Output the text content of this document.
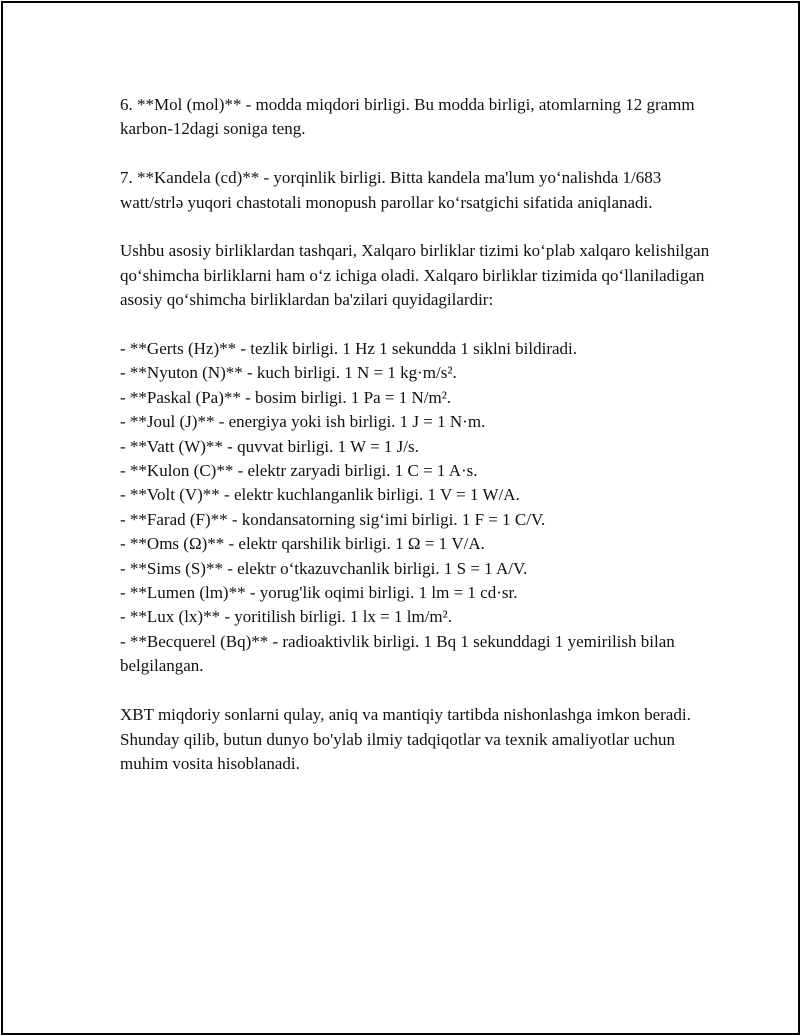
6. **Mol (mol)** - modda miqdori birligi. Bu modda birligi, atomlarning 12 gramm karbon-12dagi soniga teng.

7. **Kandela (cd)** - yorqinlik birligi. Bitta kandela ma'lum yo‘nalishda 1/683 watt/strlə yuqori chastotali monopush parollar ko‘rsatgichi sifatida aniqlanadi.

Ushbu asosiy birliklardan tashqari, Xalqaro birliklar tizimi ko‘plab xalqaro kelishilgan qo‘shimcha birliklarni ham o‘z ichiga oladi. Xalqaro birliklar tizimida qo‘llaniladigan asosiy qo‘shimcha birliklardan ba'zilari quyidagilardir:

- **Gerts (Hz)** - tezlik birligi. 1 Hz 1 sekundda 1 siklni bildiradi.
- **Nyuton (N)** - kuch birligi. 1 N = 1 kg·m/s².
- **Paskal (Pa)** - bosim birligi. 1 Pa = 1 N/m².
- **Joul (J)** - energiya yoki ish birligi. 1 J = 1 N·m.
- **Vatt (W)** - quvvat birligi. 1 W = 1 J/s.
- **Kulon (C)** - elektr zaryadi birligi. 1 C = 1 A·s.
- **Volt (V)** - elektr kuchlanganlik birligi. 1 V = 1 W/A.
- **Farad (F)** - kondansatorning sig‘imi birligi. 1 F = 1 C/V.
- **Oms (Ω)** - elektr qarshilik birligi. 1 Ω = 1 V/A.
- **Sims (S)** - elektr o‘tkazuvchanlik birligi. 1 S = 1 A/V.
- **Lumen (lm)** - yorug'lik oqimi birligi. 1 lm = 1 cd·sr.
- **Lux (lx)** - yoritilish birligi. 1 lx = 1 lm/m².
- **Becquerel (Bq)** - radioaktivlik birligi. 1 Bq 1 sekunddagi 1 yemirilish bilan belgilangan.

XBT miqdoriy sonlarni qulay, aniq va mantiqiy tartibda nishonlashga imkon beradi. Shunday qilib, butun dunyo bo'ylab ilmiy tadqiqotlar va texnik amaliyotlar uchun muhim vosita hisoblanadi.
